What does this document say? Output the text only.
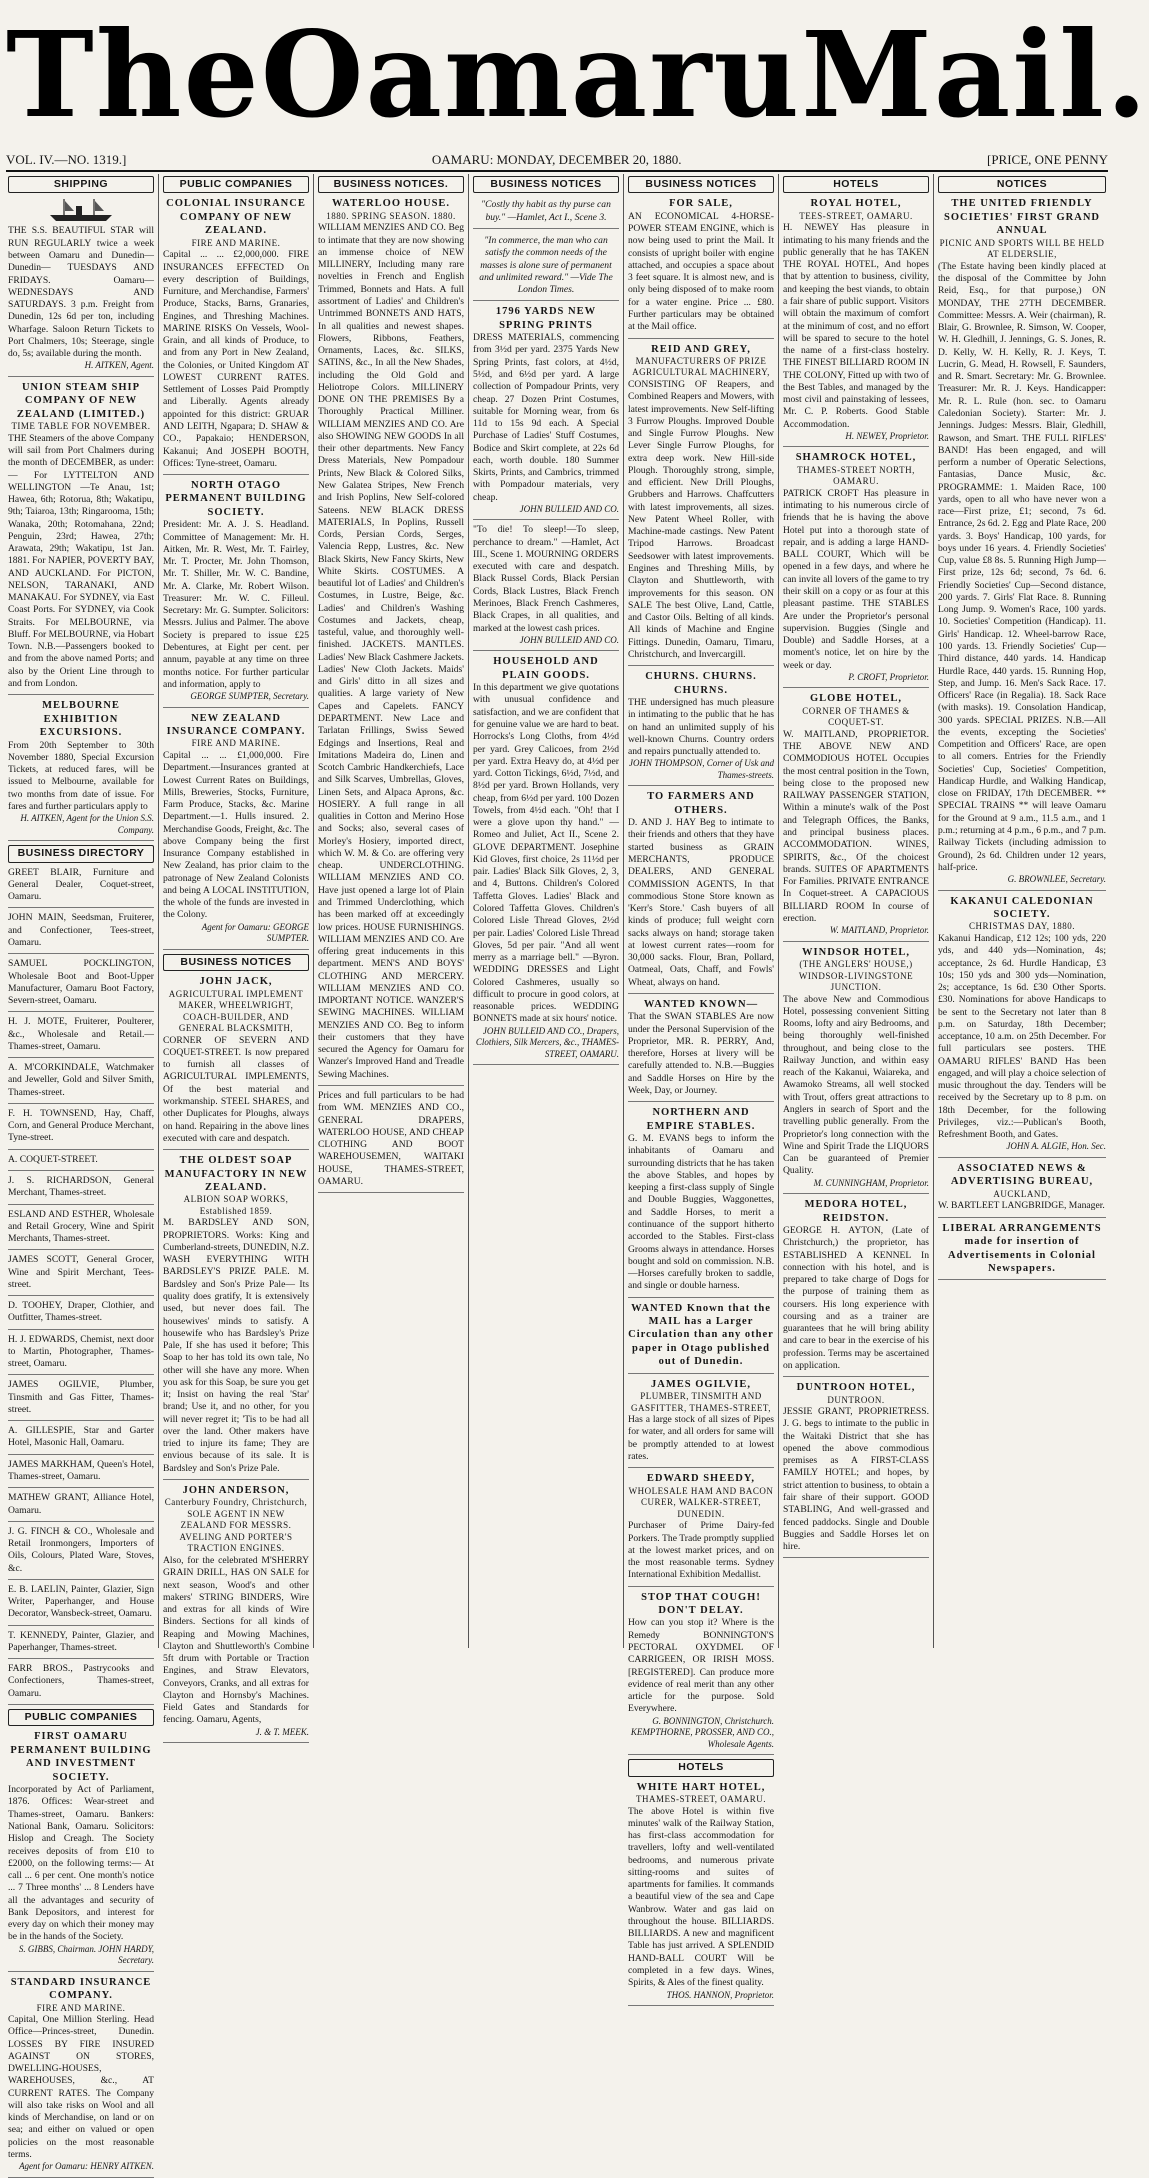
The Oamaru Mail.
VOL. IV.—NO. 1319.]	OAMARU: MONDAY, DECEMBER 20, 1880.	[PRICE, ONE PENNY
SHIPPING

THE S.S. BEAUTIFUL STAR will RUN REGULARLY twice a week between Oamaru and Dunedin— Dunedin— TUESDAYS AND FRIDAYS. Oamaru— WEDNESDAYS AND SATURDAYS. 3 p.m. Freight from Dunedin, 12s 6d per ton, including Wharfage. Saloon Return Tickets to Port Chalmers, 10s; Steerage, single do, 5s; available during the month.

H. AITKEN, Agent.
UNION STEAM SHIP COMPANY OF NEW ZEALAND (LIMITED.)
TIME TABLE FOR NOVEMBER.

THE Steamers of the above Company will sail from Port Chalmers during the month of DECEMBER, as under:— For LYTTELTON AND WELLINGTON —Te Anau, 1st; Hawea, 6th; Rotorua, 8th; Wakatipu, 9th; Taiaroa, 13th; Ringarooma, 15th; Wanaka, 20th; Rotomahana, 22nd; Penguin, 23rd; Hawea, 27th; Arawata, 29th; Wakatipu, 1st Jan. 1881. For NAPIER, POVERTY BAY, AND AUCKLAND. For PICTON, NELSON, TARANAKI, AND MANAKAU. For SYDNEY, via East Coast Ports. For SYDNEY, via Cook Straits. For MELBOURNE, via Bluff. For MELBOURNE, via Hobart Town. N.B.—Passengers booked to and from the above named Ports; and also by the Orient Line through to and from London.

MELBOURNE EXHIBITION EXCURSIONS.

From 20th September to 30th November 1880, Special Excursion Tickets, at reduced fares, will be issued to Melbourne, available for two months from date of issue. For fares and further particulars apply to

H. AITKEN, Agent for the Union S.S. Company.
BUSINESS DIRECTORY

GREET BLAIR, Furniture and General Dealer, Coquet-street, Oamaru.

JOHN MAIN, Seedsman, Fruiterer, and Confectioner, Tees-street, Oamaru.

SAMUEL POCKLINGTON, Wholesale Boot and Boot-Upper Manufacturer, Oamaru Boot Factory, Severn-street, Oamaru.

H. J. MOTE, Fruiterer, Poulterer, &c., Wholesale and Retail.—Thames-street, Oamaru.

A. M'CORKINDALE, Watchmaker and Jeweller, Gold and Silver Smith, Thames-street.

F. H. TOWNSEND, Hay, Chaff, Corn, and General Produce Merchant, Tyne-street.

A. COQUET-STREET.

J. S. RICHARDSON, General Merchant, Thames-street.

ESLAND AND ESTHER, Wholesale and Retail Grocery, Wine and Spirit Merchants, Thames-street.

JAMES SCOTT, General Grocer, Wine and Spirit Merchant, Tees-street.

D. TOOHEY, Draper, Clothier, and Outfitter, Thames-street.

H. J. EDWARDS, Chemist, next door to Martin, Photographer, Thames-street, Oamaru.

JAMES OGILVIE, Plumber, Tinsmith and Gas Fitter, Thames-street.

A. GILLESPIE, Star and Garter Hotel, Masonic Hall, Oamaru.

JAMES MARKHAM, Queen's Hotel, Thames-street, Oamaru.

MATHEW GRANT, Alliance Hotel, Oamaru.

J. G. FINCH & CO., Wholesale and Retail Ironmongers, Importers of Oils, Colours, Plated Ware, Stoves, &c.

E. B. LAELIN, Painter, Glazier, Sign Writer, Paperhanger, and House Decorator, Wansbeck-street, Oamaru.

T. KENNEDY, Painter, Glazier, and Paperhanger, Thames-street.

FARR BROS., Pastrycooks and Confectioners, Thames-street, Oamaru.

PUBLIC COMPANIES
FIRST OAMARU PERMANENT BUILDING AND INVESTMENT SOCIETY.

Incorporated by Act of Parliament, 1876. Offices: Wear-street and Thames-street, Oamaru. Bankers: National Bank, Oamaru. Solicitors: Hislop and Creagh. The Society receives deposits of from £10 to £2000, on the following terms:— At call ... 6 per cent. One month's notice ... 7 Three months' ... 8 Lenders have all the advantages and security of Bank Depositors, and interest for every day on which their money may be in the hands of the Society.

S. GIBBS, Chairman. JOHN HARDY, Secretary.
STANDARD INSURANCE COMPANY.
FIRE AND MARINE.

Capital, One Million Sterling. Head Office—Princes-street, Dunedin. LOSSES BY FIRE INSURED AGAINST ON STORES, DWELLING-HOUSES, WAREHOUSES, &c., AT CURRENT RATES. The Company will also take risks on Wool and all kinds of Merchandise, on land or on sea; and either on valued or open policies on the most reasonable terms.

Agent for Oamaru: HENRY AITKEN.
PUBLIC COMPANIES
COLONIAL INSURANCE COMPANY OF NEW ZEALAND.
FIRE AND MARINE.

Capital ... ... £2,000,000. FIRE INSURANCES EFFECTED On every description of Buildings, Furniture, and Merchandise, Farmers' Produce, Stacks, Barns, Granaries, Engines, and Threshing Machines. MARINE RISKS On Vessels, Wool-Grain, and all kinds of Produce, to and from any Port in New Zealand, the Colonies, or United Kingdom AT LOWEST CURRENT RATES. Settlement of Losses Paid Promptly and Liberally. Agents already appointed for this district: GRUAR AND LEITH, Ngapara; D. SHAW & CO., Papakaio; HENDERSON, Kakanui; And JOSEPH BOOTH, Offices: Tyne-street, Oamaru.

NORTH OTAGO PERMANENT BUILDING SOCIETY.

President: Mr. A. J. S. Headland. Committee of Management: Mr. H. Aitken, Mr. R. West, Mr. T. Fairley, Mr. T. Procter, Mr. John Thomson, Mr. T. Shiller, Mr. W. C. Bandine, Mr. A. Clarke, Mr. Robert Wilson. Treasurer: Mr. W. C. Filleul. Secretary: Mr. G. Sumpter. Solicitors: Messrs. Julius and Palmer. The above Society is prepared to issue £25 Debentures, at Eight per cent. per annum, payable at any time on three months notice. For further particular and information, apply to

GEORGE SUMPTER, Secretary.
NEW ZEALAND INSURANCE COMPANY.
FIRE AND MARINE.

Capital ... ... £1,000,000. Fire Department.—Insurances granted at Lowest Current Rates on Buildings, Mills, Breweries, Stocks, Furniture, Farm Produce, Stacks, &c. Marine Department.—1. Hulls insured. 2. Merchandise Goods, Freight, &c. The above Company being the first Insurance Company established in New Zealand, has prior claim to the patronage of New Zealand Colonists and being A LOCAL INSTITUTION, the whole of the funds are invested in the Colony.

Agent for Oamaru: GEORGE SUMPTER.
BUSINESS NOTICES
JOHN JACK,
AGRICULTURAL IMPLEMENT MAKER, WHEELWRIGHT, COACH-BUILDER, AND GENERAL BLACKSMITH,

CORNER OF SEVERN AND COQUET-STREET. Is now prepared to furnish all classes of AGRICULTURAL IMPLEMENTS, Of the best material and workmanship. STEEL SHARES, and other Duplicates for Ploughs, always on hand. Repairing in the above lines executed with care and despatch.

THE OLDEST SOAP MANUFACTORY IN NEW ZEALAND.
ALBION SOAP WORKS, Established 1859.

M. BARDSLEY AND SON, PROPRIETORS. Works: King and Cumberland-streets, DUNEDIN, N.Z. WASH EVERYTHING WITH BARDSLEY'S PRIZE PALE. M. Bardsley and Son's Prize Pale— Its quality does gratify, It is extensively used, but never does fail. The housewives' minds to satisfy. A housewife who has Bardsley's Prize Pale, If she has used it before; This Soap to her has told its own tale, No other will she have any more. When you ask for this Soap, be sure you get it; Insist on having the real 'Star' brand; Use it, and no other, for you will never regret it; 'Tis to be had all over the land. Other makers have tried to injure its fame; They are envious because of its sale. It is Bardsley and Son's Prize Pale.

JOHN ANDERSON,
Canterbury Foundry, Christchurch, SOLE AGENT IN NEW ZEALAND FOR MESSRS. AVELING AND PORTER'S TRACTION ENGINES.

Also, for the celebrated M'SHERRY GRAIN DRILL, HAS ON SALE for next season, Wood's and other makers' STRING BINDERS, Wire and extras for all kinds of Wire Binders. Sections for all kinds of Reaping and Mowing Machines, Clayton and Shuttleworth's Combine 5ft drum with Portable or Traction Engines, and Straw Elevators, Conveyors, Cranks, and all extras for Clayton and Hornsby's Machines. Field Gates and Standards for fencing. Oamaru, Agents,

J. & T. MEEK.
BUSINESS NOTICES.
WATERLOO HOUSE.
1880. SPRING SEASON. 1880.

WILLIAM MENZIES AND CO. Beg to intimate that they are now showing an immense choice of NEW MILLINERY, Including many rare novelties in French and English Trimmed, Bonnets and Hats. A full assortment of Ladies' and Children's Untrimmed BONNETS AND HATS, In all qualities and newest shapes. Flowers, Ribbons, Feathers, Ornaments, Laces, &c. SILKS, SATINS, &c., In all the New Shades, including the Old Gold and Heliotrope Colors. MILLINERY DONE ON THE PREMISES By a Thoroughly Practical Milliner. WILLIAM MENZIES AND CO. Are also SHOWING NEW GOODS In all their other departments. New Fancy Dress Materials, New Pompadour Prints, New Black & Colored Silks, New Galatea Stripes, New French and Irish Poplins, New Self-colored Sateens. NEW BLACK DRESS MATERIALS, In Poplins, Russell Cords, Persian Cords, Serges, Valencia Repp, Lustres, &c. New Black Skirts, New Fancy Skirts, New White Skirts. COSTUMES. A beautiful lot of Ladies' and Children's Costumes, in Lustre, Beige, &c. Ladies' and Children's Washing Costumes and Jackets, cheap, tasteful, value, and thoroughly well-finished. JACKETS. MANTLES. Ladies' New Black Cashmere Jackets. Ladies' New Cloth Jackets. Maids' and Girls' ditto in all sizes and qualities. A large variety of New Capes and Capelets. FANCY DEPARTMENT. New Lace and Tarlatan Frillings, Swiss Sewed Edgings and Insertions, Real and Imitations Madeira do, Linen and Scotch Cambric Handkerchiefs, Lace and Silk Scarves, Umbrellas, Gloves, Linen Sets, and Alpaca Aprons, &c. HOSIERY. A full range in all qualities in Cotton and Merino Hose and Socks; also, several cases of Morley's Hosiery, imported direct, which W. M. & Co. are offering very cheap. UNDERCLOTHING. WILLIAM MENZIES AND CO. Have just opened a large lot of Plain and Trimmed Underclothing, which has been marked off at exceedingly low prices. HOUSE FURNISHINGS. WILLIAM MENZIES AND CO. Are offering great inducements in this department. MEN'S AND BOYS' CLOTHING AND MERCERY. WILLIAM MENZIES AND CO. IMPORTANT NOTICE. WANZER'S SEWING MACHINES. WILLIAM MENZIES AND CO. Beg to inform their customers that they have secured the Agency for Oamaru for Wanzer's Improved Hand and Treadle Sewing Machines.

Prices and full particulars to be had from WM. MENZIES AND CO., GENERAL DRAPERS, WATERLOO HOUSE, AND CHEAP CLOTHING AND BOOT WAREHOUSEMEN, WAITAKI HOUSE, THAMES-STREET, OAMARU.

BUSINESS NOTICES
"Costly thy habit as thy purse can buy." —Hamlet, Act I., Scene 3.
"In commerce, the man who can satisfy the common needs of the masses is alone sure of permanent and unlimited reward." —Vide The London Times.
1796 YARDS NEW SPRING PRINTS

DRESS MATERIALS, commencing from 3½d per yard. 2375 Yards New Spring Prints, fast colors, at 4½d, 5½d, and 6½d per yard. A large collection of Pompadour Prints, very cheap. 27 Dozen Print Costumes, suitable for Morning wear, from 6s 11d to 15s 9d each. A Special Purchase of Ladies' Stuff Costumes, Bodice and Skirt complete, at 22s 6d each, worth double. 180 Summer Skirts, Prints, and Cambrics, trimmed with Pompadour materials, very cheap.

JOHN BULLEID AND CO.

"To die! To sleep!—To sleep, perchance to dream." —Hamlet, Act III., Scene 1. MOURNING ORDERS executed with care and despatch. Black Russel Cords, Black Persian Cords, Black Lustres, Black French Merinoes, Black French Cashmeres, Black Crapes, in all qualities, and marked at the lowest cash prices.

JOHN BULLEID AND CO.
HOUSEHOLD AND PLAIN GOODS.

In this department we give quotations with unusual confidence and satisfaction, and we are confident that for genuine value we are hard to beat. Horrocks's Long Cloths, from 4½d per yard. Grey Calicoes, from 2½d per yard. Extra Heavy do, at 4½d per yard. Cotton Tickings, 6½d, 7½d, and 8½d per yard. Brown Hollands, very cheap, from 6½d per yard. 100 Dozen Towels, from 4½d each. "Oh! that I were a glove upon thy hand." —Romeo and Juliet, Act II., Scene 2. GLOVE DEPARTMENT. Josephine Kid Gloves, first choice, 2s 11½d per pair. Ladies' Black Silk Gloves, 2, 3, and 4, Buttons. Children's Colored Taffetta Gloves. Ladies' Black and Colored Taffetta Gloves. Children's Colored Lisle Thread Gloves, 2½d per pair. Ladies' Colored Lisle Thread Gloves, 5d per pair. "And all went merry as a marriage bell." —Byron. WEDDING DRESSES and Light Colored Cashmeres, usually so difficult to procure in good colors, at reasonable prices. WEDDING BONNETS made at six hours' notice.

JOHN BULLEID AND CO., Drapers, Clothiers, Silk Mercers, &c., THAMES-STREET, OAMARU.
BUSINESS NOTICES
FOR SALE,

AN ECONOMICAL 4-HORSE-POWER STEAM ENGINE, which is now being used to print the Mail. It consists of upright boiler with engine attached, and occupies a space about 3 feet square. It is almost new, and is only being disposed of to make room for a water engine. Price ... £80. Further particulars may be obtained at the Mail office.

REID AND GREY,
MANUFACTURERS OF PRIZE AGRICULTURAL MACHINERY,

CONSISTING OF Reapers, and Combined Reapers and Mowers, with latest improvements. New Self-lifting 3 Furrow Ploughs. Improved Double and Single Furrow Ploughs. New Lever Single Furrow Ploughs, for extra deep work. New Hill-side Plough. Thoroughly strong, simple, and efficient. New Drill Ploughs, Grubbers and Harrows. Chaffcutters with latest improvements, all sizes. New Patent Wheel Roller, with Machine-made castings. New Patent Tripod Harrows. Broadcast Seedsower with latest improvements. Engines and Threshing Mills, by Clayton and Shuttleworth, with improvements for this season. ON SALE The best Olive, Land, Cattle, and Castor Oils. Belting of all kinds. All kinds of Machine and Engine Fittings. Dunedin, Oamaru, Timaru, Christchurch, and Invercargill.

CHURNS. CHURNS. CHURNS.

THE undersigned has much pleasure in intimating to the public that he has on hand an unlimited supply of his well-known Churns. Country orders and repairs punctually attended to.

JOHN THOMPSON, Corner of Usk and Thames-streets.
TO FARMERS AND OTHERS.

D. AND J. HAY Beg to intimate to their friends and others that they have started business as GRAIN MERCHANTS, PRODUCE DEALERS, AND GENERAL COMMISSION AGENTS, In that commodious Stone Store known as 'Kerr's Store.' Cash buyers of all kinds of produce; full weight corn sacks always on hand; storage taken at lowest current rates—room for 30,000 sacks. Flour, Bran, Pollard, Oatmeal, Oats, Chaff, and Fowls' Wheat, always on hand.

WANTED KNOWN—

That the SWAN STABLES Are now under the Personal Supervision of the Proprietor, MR. R. PERRY, And, therefore, Horses at livery will be carefully attended to. N.B.—Buggies and Saddle Horses on Hire by the Week, Day, or Journey.

NORTHERN AND EMPIRE STABLES.

G. M. EVANS begs to inform the inhabitants of Oamaru and surrounding districts that he has taken the above Stables, and hopes by keeping a first-class supply of Single and Double Buggies, Waggonettes, and Saddle Horses, to merit a continuance of the support hitherto accorded to the Stables. First-class Grooms always in attendance. Horses bought and sold on commission. N.B.—Horses carefully broken to saddle, and single or double harness.

WANTED Known that the MAIL has a Larger Circulation than any other paper in Otago published out of Dunedin.
JAMES OGILVIE,
PLUMBER, TINSMITH AND GASFITTER, THAMES-STREET,

Has a large stock of all sizes of Pipes for water, and all orders for same will be promptly attended to at lowest rates.

EDWARD SHEEDY,
WHOLESALE HAM AND BACON CURER, WALKER-STREET, DUNEDIN.

Purchaser of Prime Dairy-fed Porkers. The Trade promptly supplied at the lowest market prices, and on the most reasonable terms. Sydney International Exhibition Medallist.

STOP THAT COUGH! DON'T DELAY.

How can you stop it? Where is the Remedy BONNINGTON'S PECTORAL OXYDMEL OF CARRIGEEN, OR IRISH MOSS. [REGISTERED]. Can produce more evidence of real merit than any other article for the purpose. Sold Everywhere.

G. BONNINGTON, Christchurch. KEMPTHORNE, PROSSER, AND CO., Wholesale Agents.
HOTELS
WHITE HART HOTEL,
THAMES-STREET, OAMARU.

The above Hotel is within five minutes' walk of the Railway Station, has first-class accommodation for travellers, lofty and well-ventilated bedrooms, and numerous private sitting-rooms and suites of apartments for families. It commands a beautiful view of the sea and Cape Wanbrow. Water and gas laid on throughout the house. BILLIARDS. BILLIARDS. A new and magnificent Table has just arrived. A SPLENDID HAND-BALL COURT Will be completed in a few days. Wines, Spirits, & Ales of the finest quality.

THOS. HANNON, Proprietor.
HOTELS
ROYAL HOTEL,
TEES-STREET, OAMARU.

H. NEWEY Has pleasure in intimating to his many friends and the public generally that he has TAKEN THE ROYAL HOTEL, And hopes that by attention to business, civility, and keeping the best viands, to obtain a fair share of public support. Visitors will obtain the maximum of comfort at the minimum of cost, and no effort will be spared to secure to the hotel the name of a first-class hostelry. THE FINEST BILLIARD ROOM IN THE COLONY, Fitted up with two of the Best Tables, and managed by the most civil and painstaking of lessees, Mr. C. P. Roberts. Good Stable Accommodation.

H. NEWEY, Proprietor.
SHAMROCK HOTEL,
THAMES-STREET NORTH, OAMARU.

PATRICK CROFT Has pleasure in intimating to his numerous circle of friends that he is having the above Hotel put into a thorough state of repair, and is adding a large HAND-BALL COURT, Which will be opened in a few days, and where he can invite all lovers of the game to try their skill on a copy or as four at this pleasant pastime. THE STABLES Are under the Proprietor's personal supervision. Buggies (Single and Double) and Saddle Horses, at a moment's notice, let on hire by the week or day.

P. CROFT, Proprietor.
GLOBE HOTEL,
CORNER OF THAMES & COQUET-ST.

W. MAITLAND, PROPRIETOR. THE ABOVE NEW AND COMMODIOUS HOTEL Occupies the most central position in the Town, being close to the proposed new RAILWAY PASSENGER STATION, Within a minute's walk of the Post and Telegraph Offices, the Banks, and principal business places. ACCOMMODATION. WINES, SPIRITS, &c., Of the choicest brands. SUITES OF APARTMENTS For Families. PRIVATE ENTRANCE In Coquet-street. A CAPACIOUS BILLIARD ROOM In course of erection.

W. MAITLAND, Proprietor.
WINDSOR HOTEL,
(THE ANGLERS' HOUSE,) WINDSOR-LIVINGSTONE JUNCTION.

The above New and Commodious Hotel, possessing convenient Sitting Rooms, lofty and airy Bedrooms, and being thoroughly well-finished throughout, and being close to the Railway Junction, and within easy reach of the Kakanui, Waiareka, and Awamoko Streams, all well stocked with Trout, offers great attractions to Anglers in search of Sport and the travelling public generally. From the Proprietor's long connection with the Wine and Spirit Trade the LIQUORS Can be guaranteed of Premier Quality.

M. CUNNINGHAM, Proprietor.
MEDORA HOTEL, REIDSTON.

GEORGE H. AYTON, (Late of Christchurch,) the proprietor, has ESTABLISHED A KENNEL In connection with his hotel, and is prepared to take charge of Dogs for the purpose of training them as coursers. His long experience with coursing and as a trainer are guarantees that he will bring ability and care to bear in the exercise of his profession. Terms may be ascertained on application.

DUNTROON HOTEL,
DUNTROON.

JESSIE GRANT, PROPRIETRESS. J. G. begs to intimate to the public in the Waitaki District that she has opened the above commodious premises as A FIRST-CLASS FAMILY HOTEL; and hopes, by strict attention to business, to obtain a fair share of their support. GOOD STABLING, And well-grassed and fenced paddocks. Single and Double Buggies and Saddle Horses let on hire.

NOTICES
THE UNITED FRIENDLY SOCIETIES' FIRST GRAND ANNUAL
PICNIC AND SPORTS WILL BE HELD AT ELDERSLIE,

(The Estate having been kindly placed at the disposal of the Committee by John Reid, Esq., for that purpose,) ON MONDAY, THE 27TH DECEMBER. Committee: Messrs. A. Weir (chairman), R. Blair, G. Brownlee, R. Simson, W. Cooper, W. H. Gledhill, J. Jennings, G. S. Jones, R. D. Kelly, W. H. Kelly, R. J. Keys, T. Lucrin, G. Mead, H. Rowsell, F. Saunders, and R. Smart. Secretary: Mr. G. Brownlee. Treasurer: Mr. R. J. Keys. Handicapper: Mr. R. L. Rule (hon. sec. to Oamaru Caledonian Society). Starter: Mr. J. Jennings. Judges: Messrs. Blair, Gledhill, Rawson, and Smart. THE FULL RIFLES' BAND! Has been engaged, and will perform a number of Operatic Selections, Fantasias, Dance Music, &c. PROGRAMME: 1. Maiden Race, 100 yards, open to all who have never won a race—First prize, £1; second, 7s 6d. Entrance, 2s 6d. 2. Egg and Plate Race, 200 yards. 3. Boys' Handicap, 100 yards, for boys under 16 years. 4. Friendly Societies' Cup, value £8 8s. 5. Running High Jump—First prize, 12s 6d; second, 7s 6d. 6. Friendly Societies' Cup—Second distance, 200 yards. 7. Girls' Flat Race. 8. Running Long Jump. 9. Women's Race, 100 yards. 10. Societies' Competition (Handicap). 11. Girls' Handicap. 12. Wheel-barrow Race, 100 yards. 13. Friendly Societies' Cup—Third distance, 440 yards. 14. Handicap Hurdle Race, 440 yards. 15. Running Hop, Step, and Jump. 16. Men's Sack Race. 17. Officers' Race (in Regalia). 18. Sack Race (with masks). 19. Consolation Handicap, 300 yards. SPECIAL PRIZES. N.B.—All the events, excepting the Societies' Competition and Officers' Race, are open to all comers. Entries for the Friendly Societies' Cup, Societies' Competition, Handicap Hurdle, and Walking Handicap, close on FRIDAY, 17th DECEMBER. ** SPECIAL TRAINS ** will leave Oamaru for the Ground at 9 a.m., 11.5 a.m., and 1 p.m.; returning at 4 p.m., 6 p.m., and 7 p.m. Railway Tickets (including admission to Ground), 2s 6d. Children under 12 years, half-price.

G. BROWNLEE, Secretary.
KAKANUI CALEDONIAN SOCIETY.
CHRISTMAS DAY, 1880.

Kakanui Handicap, £12 12s; 100 yds, 220 yds, and 440 yds—Nomination, 4s; acceptance, 2s 6d. Hurdle Handicap, £3 10s; 150 yds and 300 yds—Nomination, 2s; acceptance, 1s 6d. £30 Other Sports. £30. Nominations for above Handicaps to be sent to the Secretary not later than 8 p.m. on Saturday, 18th December; acceptance, 10 a.m. on 25th December. For full particulars see posters. THE OAMARU RIFLES' BAND Has been engaged, and will play a choice selection of music throughout the day. Tenders will be received by the Secretary up to 8 p.m. on 18th December, for the following Privileges, viz.:—Publican's Booth, Refreshment Booth, and Gates.

JOHN A. ALGIE, Hon. Sec.
ASSOCIATED NEWS & ADVERTISING BUREAU,
AUCKLAND,

W. BARTLEET LANGBRIDGE, Manager.

LIBERAL ARRANGEMENTS made for insertion of Advertisements in Colonial Newspapers.
